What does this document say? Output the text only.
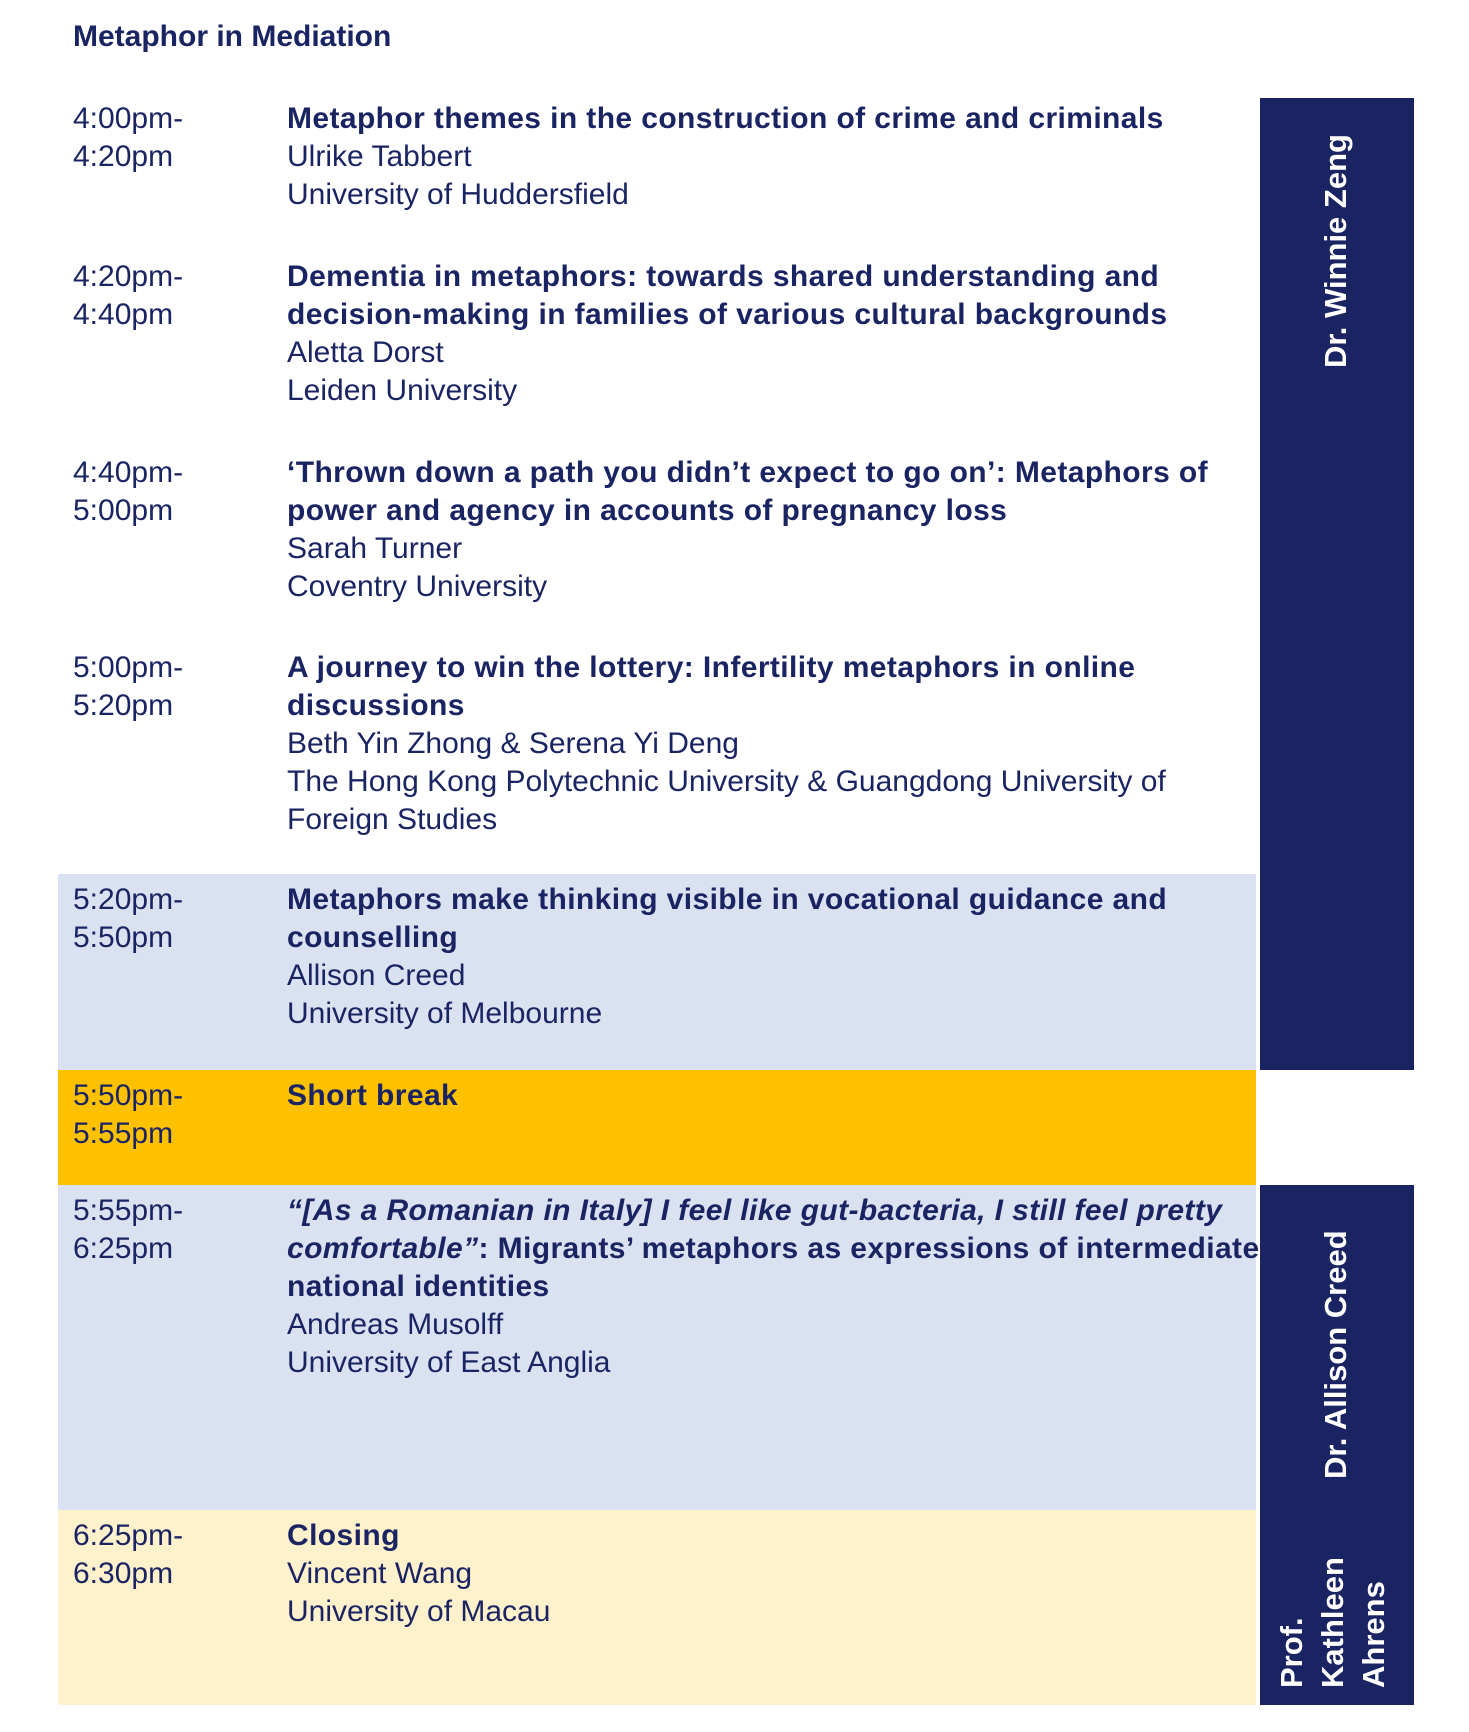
Metaphor in Mediation
4:00pm-
4:20pm
Metaphor themes in the construction of crime and criminals
Ulrike Tabbert
University of Huddersfield
4:20pm-
4:40pm
Dementia in metaphors: towards shared understanding and decision-making in families of various cultural backgrounds
Aletta Dorst
Leiden University
4:40pm-
5:00pm
‘Thrown down a path you didn’t expect to go on’: Metaphors of power and agency in accounts of pregnancy loss
Sarah Turner
Coventry University
5:00pm-
5:20pm
A journey to win the lottery: Infertility metaphors in online discussions
Beth Yin Zhong & Serena Yi Deng
The Hong Kong Polytechnic University & Guangdong University of Foreign Studies
5:20pm-
5:50pm
Metaphors make thinking visible in vocational guidance and counselling
Allison Creed
University of Melbourne
5:50pm-
5:55pm
Short break
5:55pm-
6:25pm
“[As a Romanian in Italy] I feel like gut-bacteria, I still feel pretty comfortable”: Migrants’ metaphors as expressions of intermediate national identities
Andreas Musolff
University of East Anglia
6:25pm-
6:30pm
Closing
Vincent Wang
University of Macau
Dr. Winnie Zeng
Dr. Allison Creed
Prof. Kathleen Ahrens
